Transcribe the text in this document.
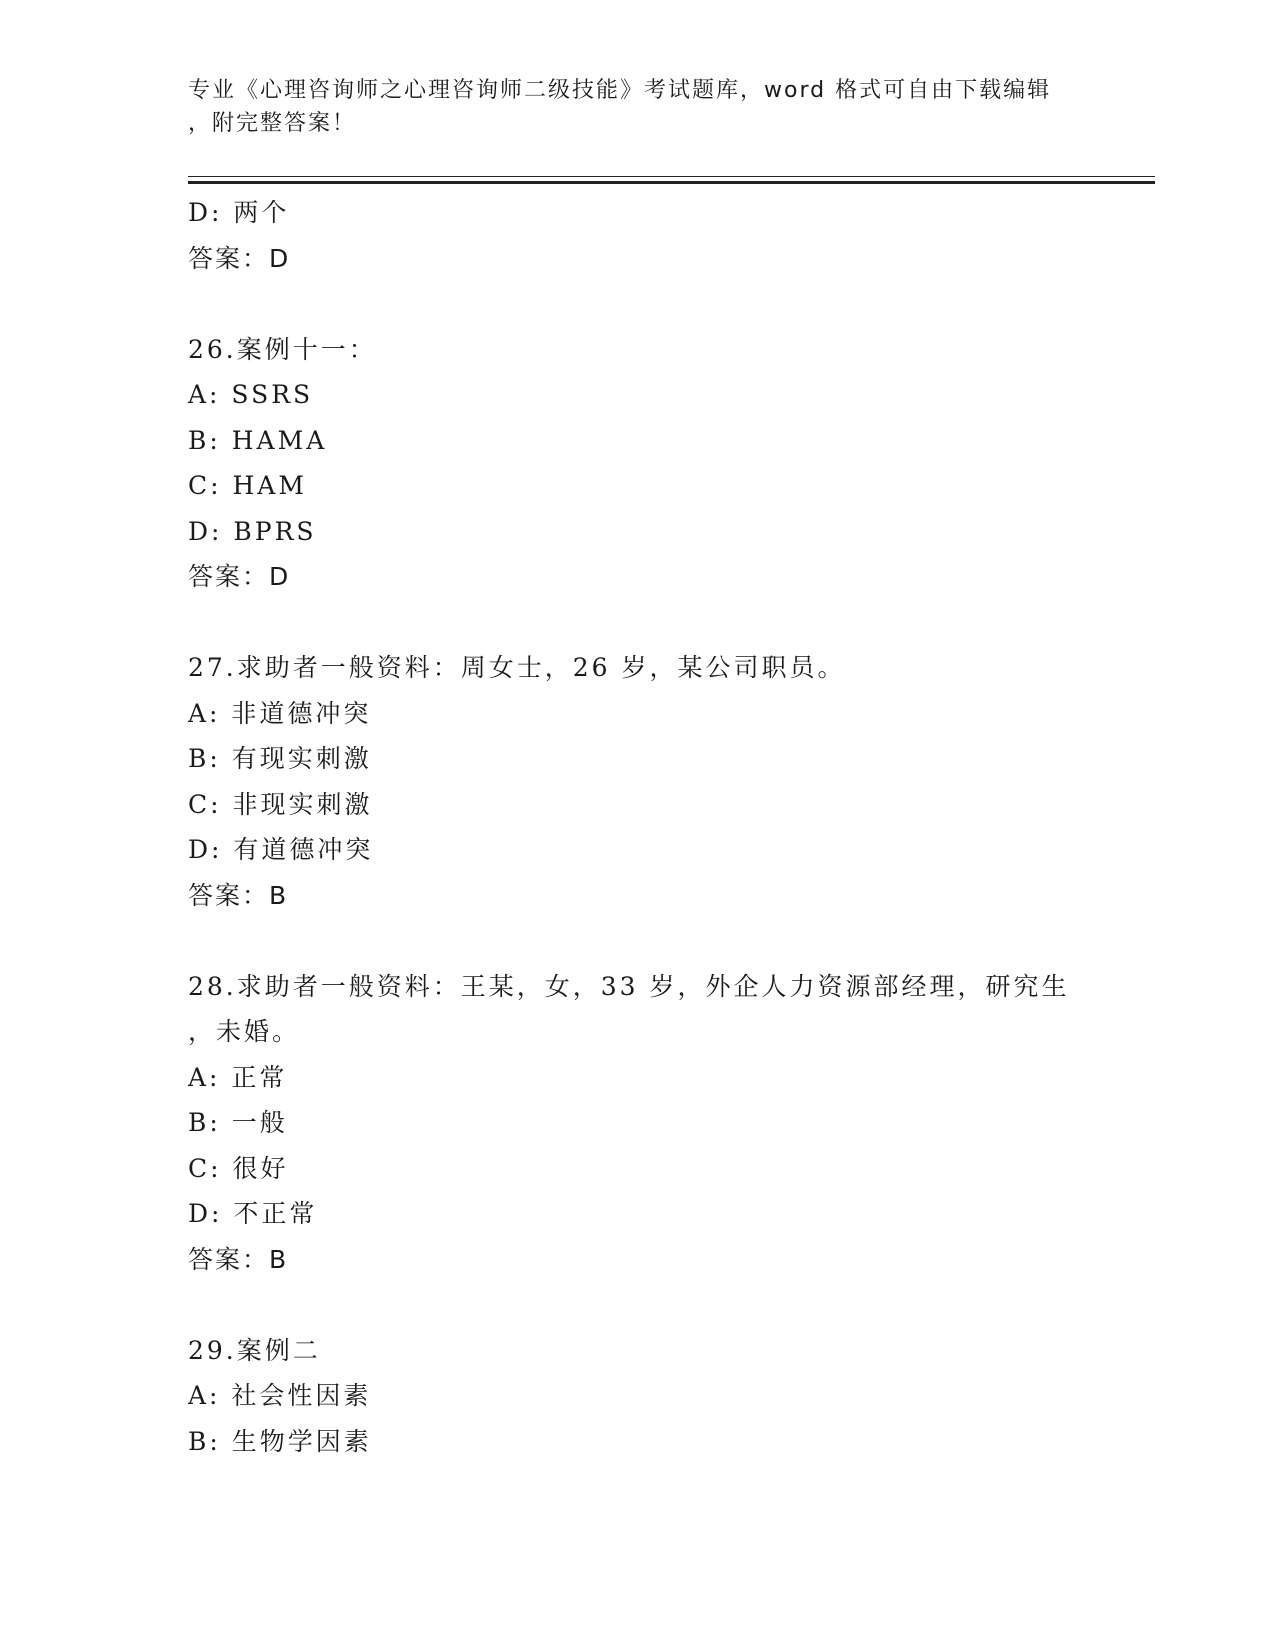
专业《心理咨询师之心理咨询师二级技能》考试题库，word 格式可自由下载编辑
，附完整答案！
D: 两个
答案：D
26.案例十一：
A: SSRS
B: HAMA
C: HAM
D: BPRS
答案：D
27.求助者一般资料：周女士，26 岁，某公司职员。
A: 非道德冲突
B: 有现实刺激
C: 非现实刺激
D: 有道德冲突
答案：B
28.求助者一般资料：王某，女，33 岁，外企人力资源部经理，研究生
，未婚。
A: 正常
B: 一般
C: 很好
D: 不正常
答案：B
29.案例二
A: 社会性因素
B: 生物学因素
